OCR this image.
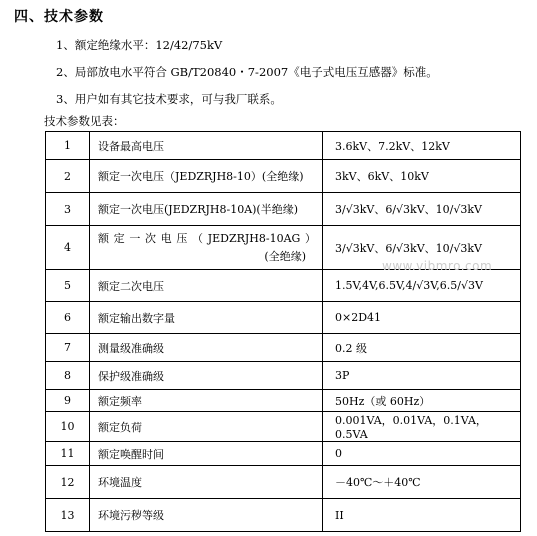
四、技术参数
1、额定绝缘水平：12/42/75kV
2、局部放电水平符合 GB/T20840・7-2007《电子式电压互感器》标准。
3、用户如有其它技术要求，可与我厂联系。
技术参数见表：
1	设备最高电压	3.6kV、7.2kV、12kV
2	额定一次电压（JEDZRJH8-10）(全绝缘)	3kV、6kV、10kV
3	额定一次电压(JEDZRJH8-10A)(半绝缘)	3/√3kV、6/√3kV、10/√3kV
4	额定一次电压（JEDZRJH8-10AG）
(全绝缘)	3/√3kV、6/√3kV、10/√3kV
5	额定二次电压	1.5V,4V,6.5V,4/√3V,6.5/√3V
6	额定输出数字量	0×2D41
7	测量级准确级	0.2 级
8	保护级准确级	3P
9	额定频率	50Hz（或 60Hz）
10	额定负荷	0.001VA，0.01VA，0.1VA，0.5VA
11	额定唤醒时间	0
12	环境温度	－40℃～＋40℃
13	环境污秽等级	II
www.vibmro.com
